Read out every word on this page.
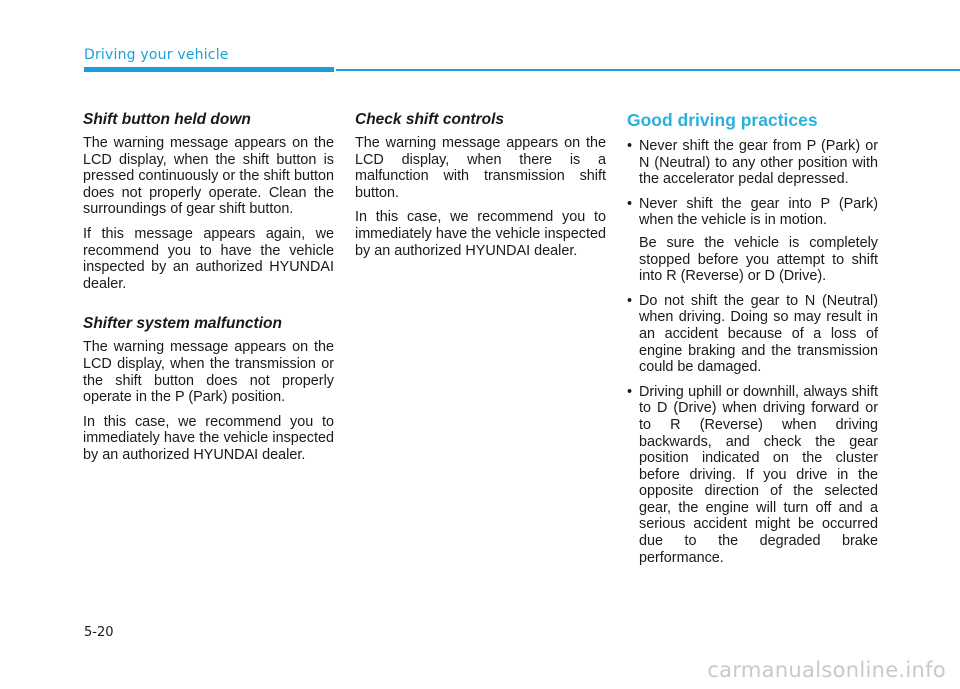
Driving your vehicle
Shift button held down
The warning message appears on the LCD display, when the shift button is pressed continuously or the shift button does not properly operate. Clean the surroundings of gear shift button.
If this message appears again, we recommend you to have the vehicle inspected by an authorized HYUNDAI dealer.
Shifter system malfunction
The warning message appears on the LCD display, when the transmission or the shift button does not properly operate in the P (Park) position.
In this case, we recommend you to immediately have the vehicle inspected by an authorized HYUNDAI dealer.
Check shift controls
The warning message appears on the LCD display, when there is a malfunction with transmission shift button.
In this case, we recommend you to immediately have the vehicle inspected by an authorized HYUNDAI dealer.
Good driving practices
• Never shift the gear from P (Park) or N (Neutral) to any other position with the accelerator pedal depressed.
• Never shift the gear into P (Park) when the vehicle is in motion.
Be sure the vehicle is completely stopped before you attempt to shift into R (Reverse) or D (Drive).
• Do not shift the gear to N (Neutral) when driving. Doing so may result in an accident because of a loss of engine braking and the transmission could be damaged.
• Driving uphill or downhill, always shift to D (Drive) when driving forward or to R (Reverse) when driving backwards, and check the gear position indicated on the cluster before driving. If you drive in the opposite direction of the selected gear, the engine will turn off and a serious accident might be occurred due to the degraded brake performance.
5-20
carmanualsonline.info
